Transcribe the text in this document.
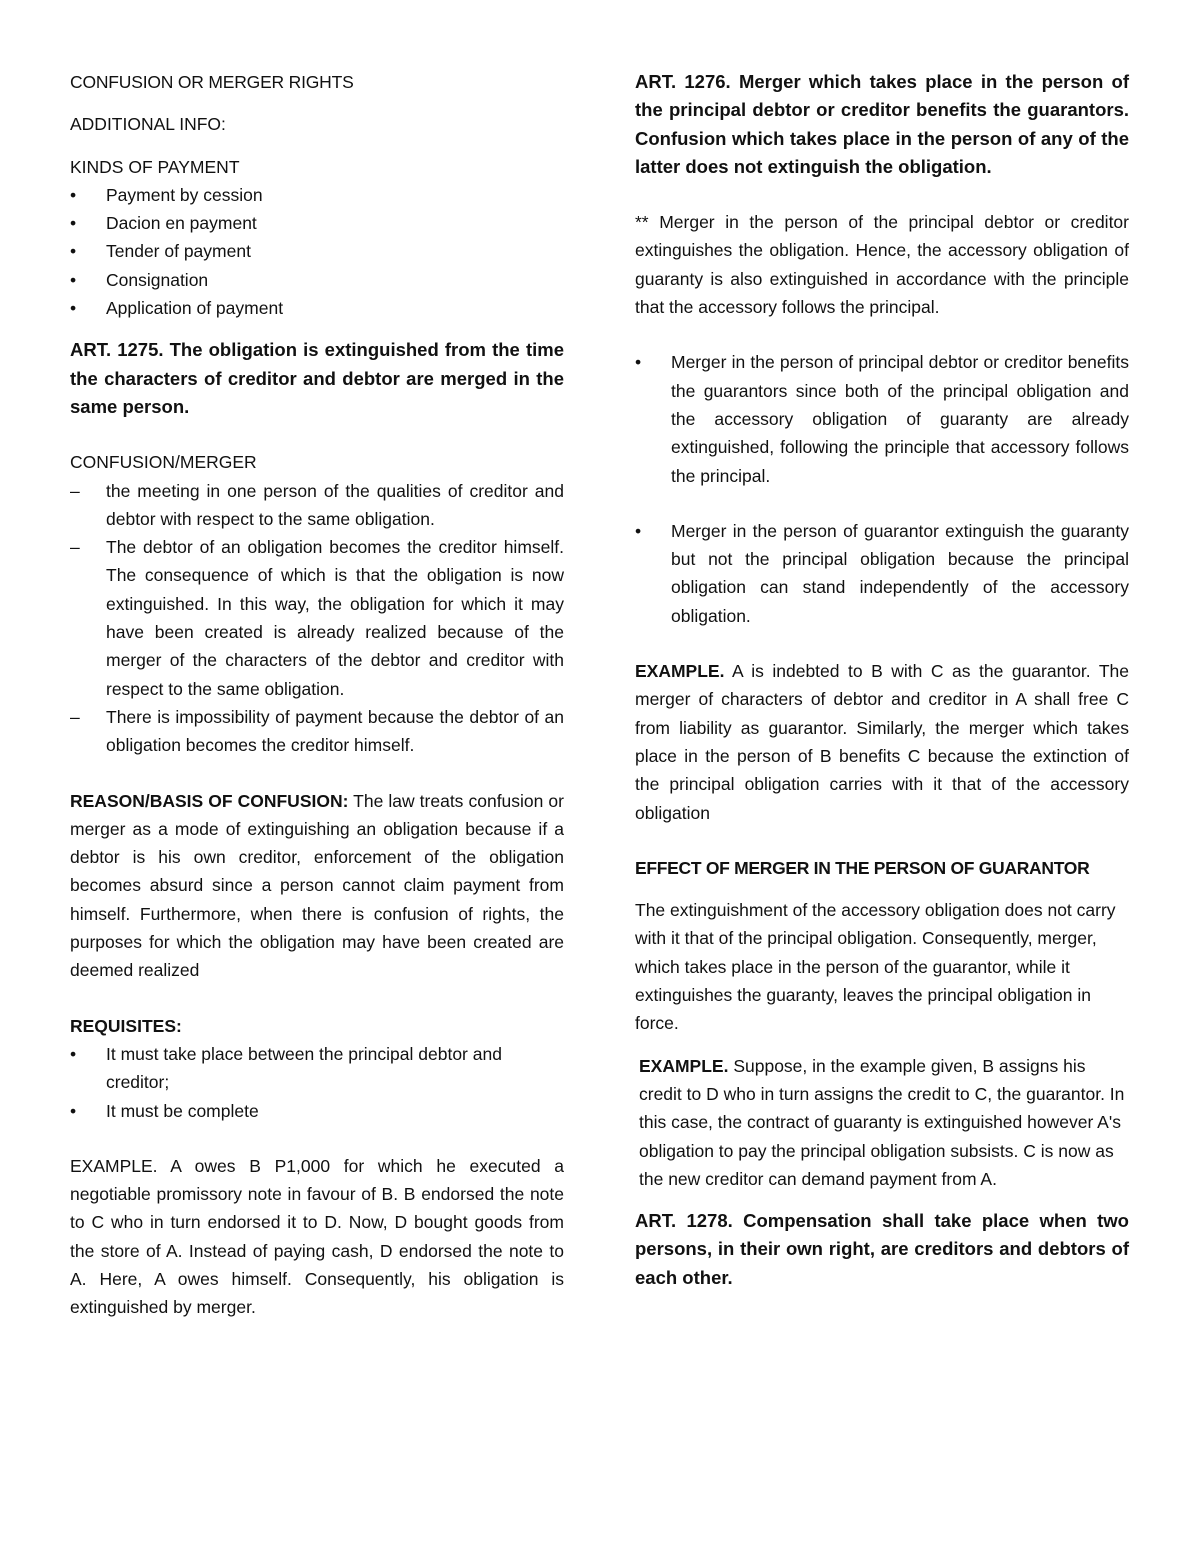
CONFUSION OR MERGER RIGHTS

ADDITIONAL INFO:

KINDS OF PAYMENT

• Payment by cession
• Dacion en payment
• Tender of payment
• Consignation
• Application of payment

ART. 1275. The obligation is extinguished from the time the characters of creditor and debtor are merged in the same person.

CONFUSION/MERGER

– the meeting in one person of the qualities of creditor and debtor with respect to the same obligation.
– The debtor of an obligation becomes the creditor himself. The consequence of which is that the obligation is now extinguished. In this way, the obligation for which it may have been created is already realized because of the merger of the characters of the debtor and creditor with respect to the same obligation.
– There is impossibility of payment because the debtor of an obligation becomes the creditor himself.

REASON/BASIS OF CONFUSION: The law treats confusion or merger as a mode of extinguishing an obligation because if a debtor is his own creditor, enforcement of the obligation becomes absurd since a person cannot claim payment from himself. Furthermore, when there is confusion of rights, the purposes for which the obligation may have been created are deemed realized

REQUISITES:

• It must take place between the principal debtor and creditor;
• It must be complete

EXAMPLE. A owes B P1,000 for which he executed a negotiable promissory note in favour of B. B endorsed the note to C who in turn endorsed it to D. Now, D bought goods from the store of A. Instead of paying cash, D endorsed the note to A. Here, A owes himself. Consequently, his obligation is extinguished by merger.

ART. 1276. Merger which takes place in the person of the principal debtor or creditor benefits the guarantors. Confusion which takes place in the person of any of the latter does not extinguish the obligation.

** Merger in the person of the principal debtor or creditor extinguishes the obligation. Hence, the accessory obligation of guaranty is also extinguished in accordance with the principle that the accessory follows the principal.

• Merger in the person of principal debtor or creditor benefits the guarantors since both of the principal obligation and the accessory obligation of guaranty are already extinguished, following the principle that accessory follows the principal.
• Merger in the person of guarantor extinguish the guaranty but not the principal obligation because the principal obligation can stand independently of the accessory obligation.

EXAMPLE. A is indebted to B with C as the guarantor. The merger of characters of debtor and creditor in A shall free C from liability as guarantor. Similarly, the merger which takes place in the person of B benefits C because the extinction of the principal obligation carries with it that of the accessory obligation

EFFECT OF MERGER IN THE PERSON OF GUARANTOR

The extinguishment of the accessory obligation does not carry with it that of the principal obligation. Consequently, merger, which takes place in the person of the guarantor, while it extinguishes the guaranty, leaves the principal obligation in force.

EXAMPLE. Suppose, in the example given, B assigns his credit to D who in turn assigns the credit to C, the guarantor. In this case, the contract of guaranty is extinguished however A's obligation to pay the principal obligation subsists. C is now as the new creditor can demand payment from A.

ART. 1278. Compensation shall take place when two persons, in their own right, are creditors and debtors of each other.
